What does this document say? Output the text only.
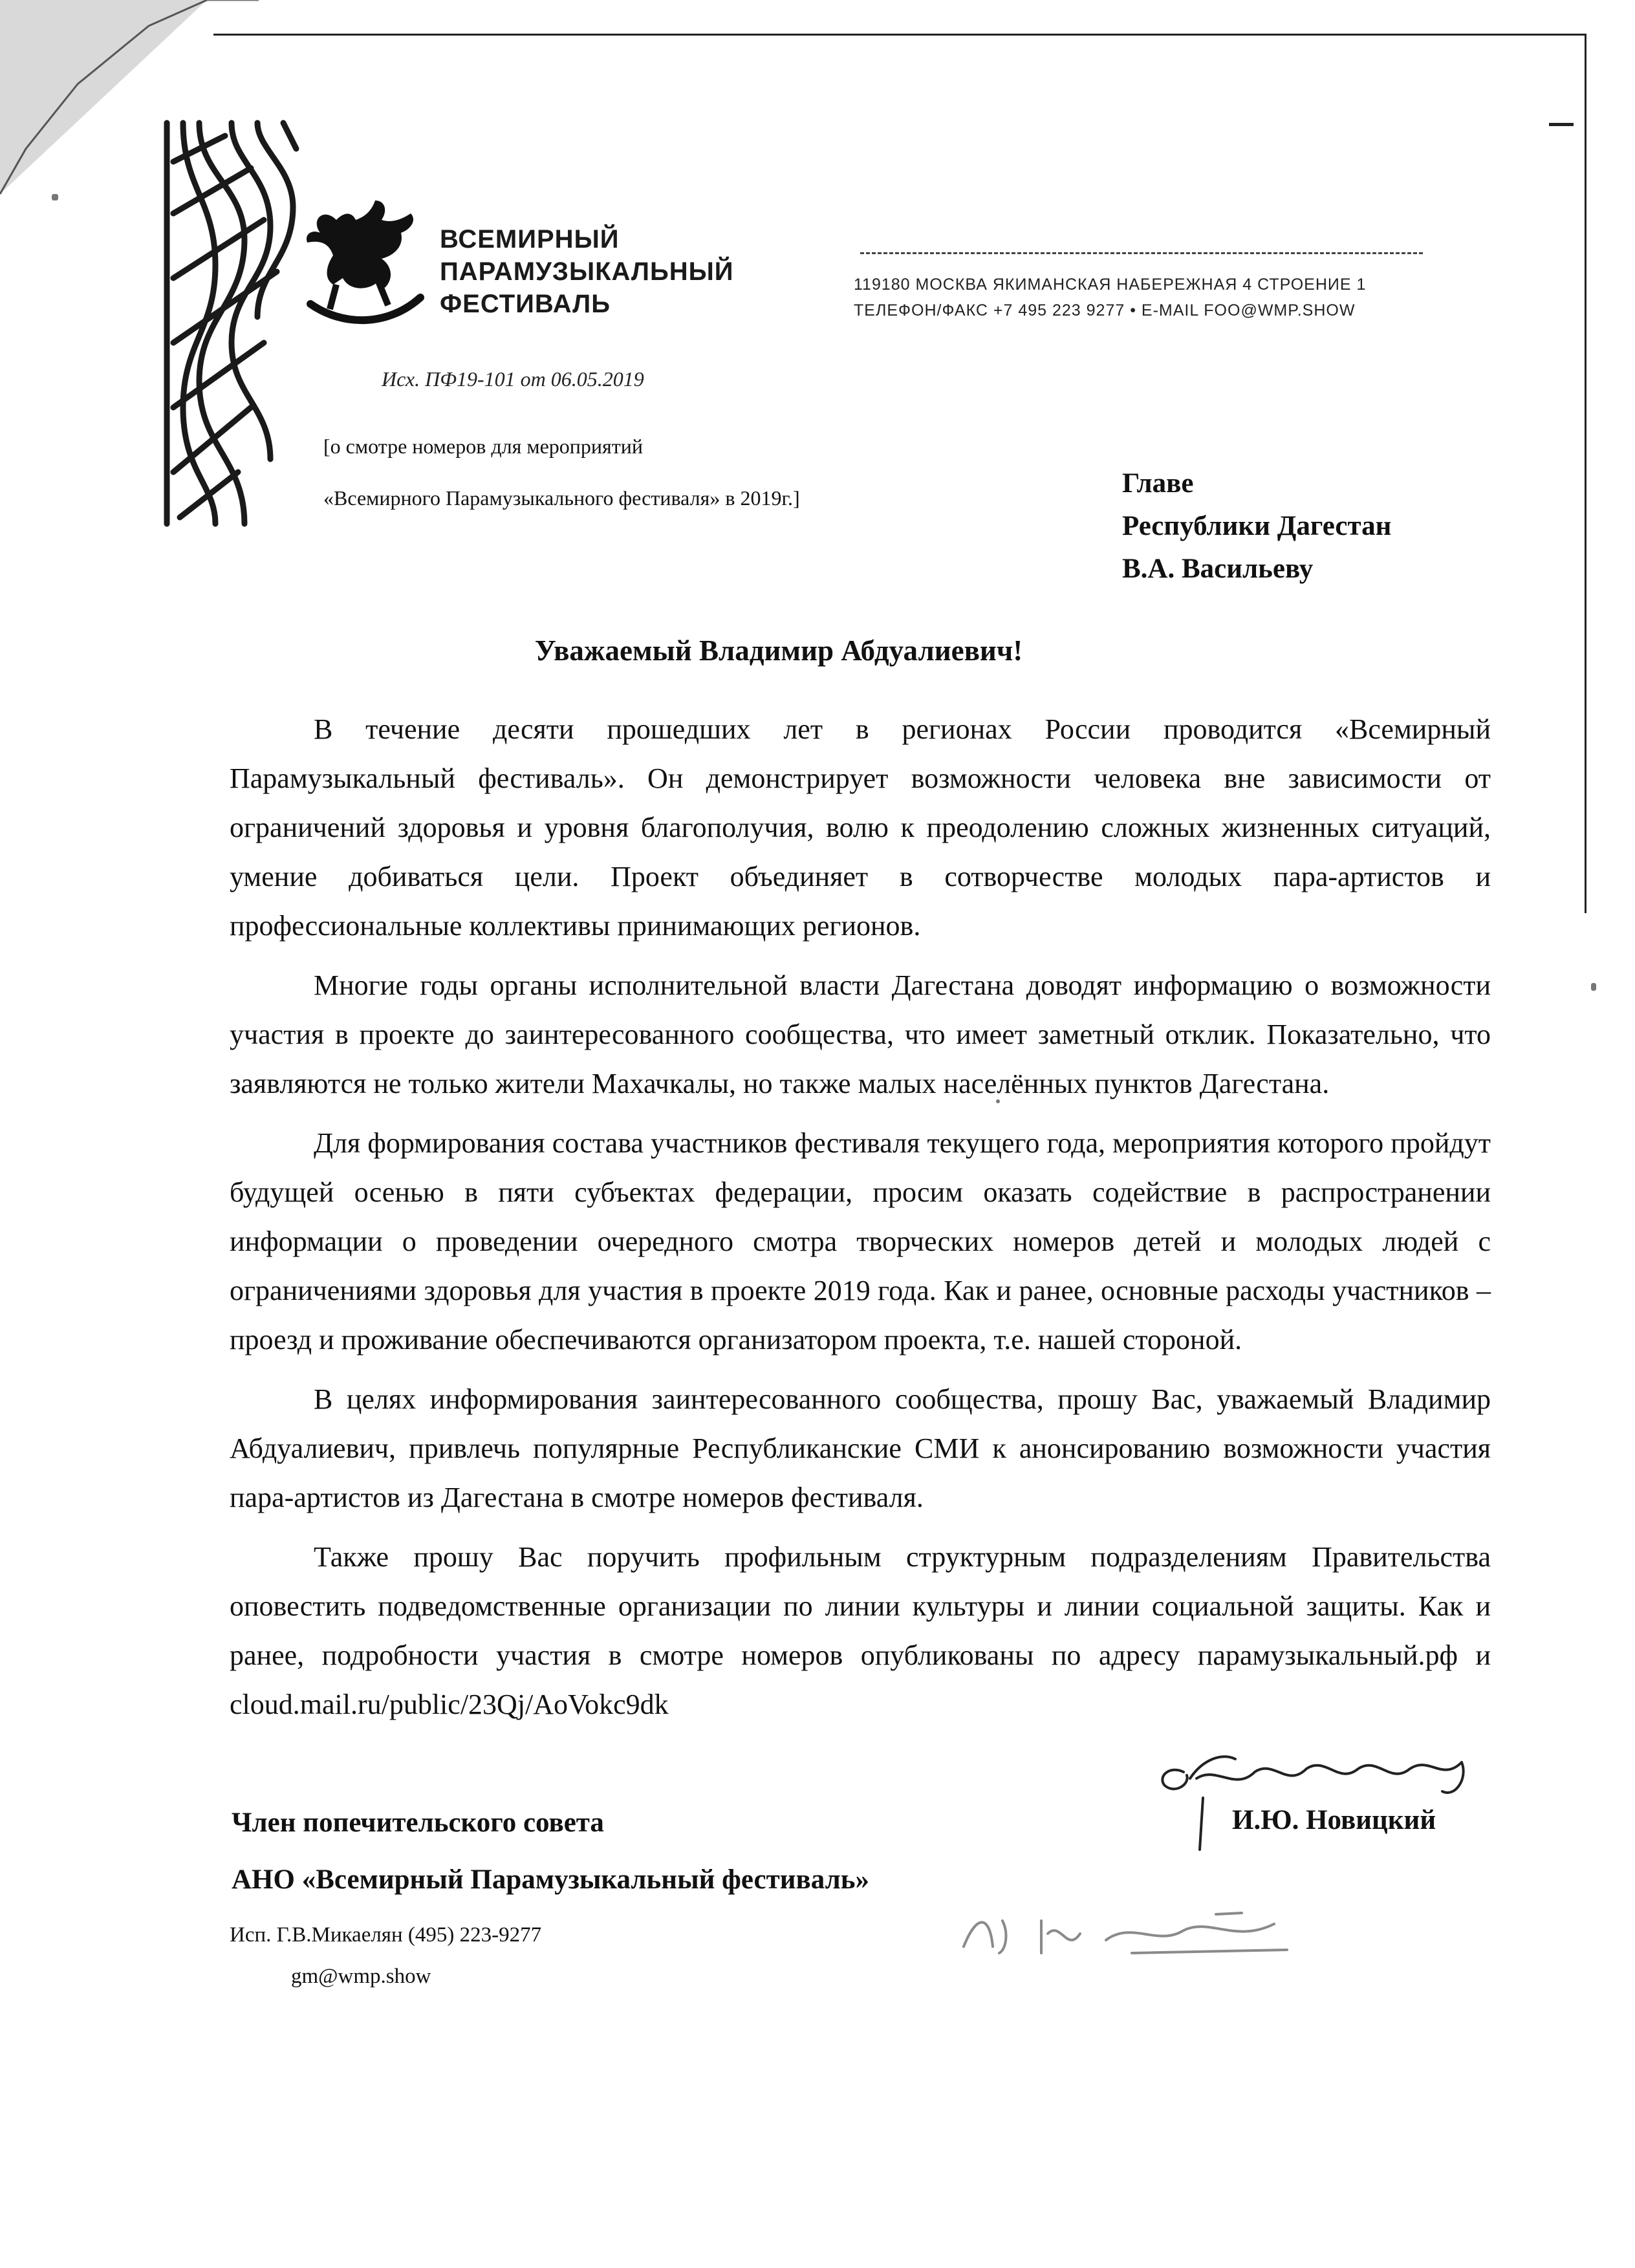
ВСЕМИРНЫЙ
ПАРАМУЗЫКАЛЬНЫЙ
ФЕСТИВАЛЬ
119180 МОСКВА ЯКИМАНСКАЯ НАБЕРЕЖНАЯ 4 СТРОЕНИЕ 1
ТЕЛЕФОН/ФАКС +7 495 223 9277 • E-MAIL FOO@WMP.SHOW
Исх. ПФ19-101 от 06.05.2019
[о смотре номеров для мероприятий
«Всемирного Парамузыкального фестиваля» в 2019г.]	Главе
Республики Дагестан
В.А. Васильеву
Уважаемый Владимир Абдуалиевич!

В течение десяти прошедших лет в регионах России проводится «Всемирный Парамузыкальный фестиваль». Он демонстрирует возможности человека вне зависимости от ограничений здоровья и уровня благополучия, волю к преодолению сложных жизненных ситуаций, умение добиваться цели. Проект объединяет в сотворчестве молодых пара-артистов и профессиональные коллективы принимающих регионов.

Многие годы органы исполнительной власти Дагестана доводят информацию о возможности участия в проекте до заинтересованного сообщества, что имеет заметный отклик. Показательно, что заявляются не только жители Махачкалы, но также малых населённых пунктов Дагестана.

Для формирования состава участников фестиваля текущего года, мероприятия которого пройдут будущей осенью в пяти субъектах федерации, просим оказать содействие в распространении информации о проведении очередного смотра творческих номеров детей и молодых людей с ограничениями здоровья для участия в проекте 2019 года. Как и ранее, основные расходы участников – проезд и проживание обеспечиваются организатором проекта, т.е. нашей стороной.

В целях информирования заинтересованного сообщества, прошу Вас, уважаемый Владимир Абдуалиевич, привлечь популярные Республиканские СМИ к анонсированию возможности участия пара-артистов из Дагестана в смотре номеров фестиваля.

Также прошу Вас поручить профильным структурным подразделениям Правительства оповестить подведомственные организации по линии культуры и линии социальной защиты. Как и ранее, подробности участия в смотре номеров опубликованы по адресу парамузыкальный.рф и cloud.mail.ru/public/23Qj/AoVokc9dk

Член попечительского совета
АНО «Всемирный Парамузыкальный фестиваль»
И.Ю. Новицкий
Исп. Г.В.Микаелян (495) 223-9277
gm@wmp.show
